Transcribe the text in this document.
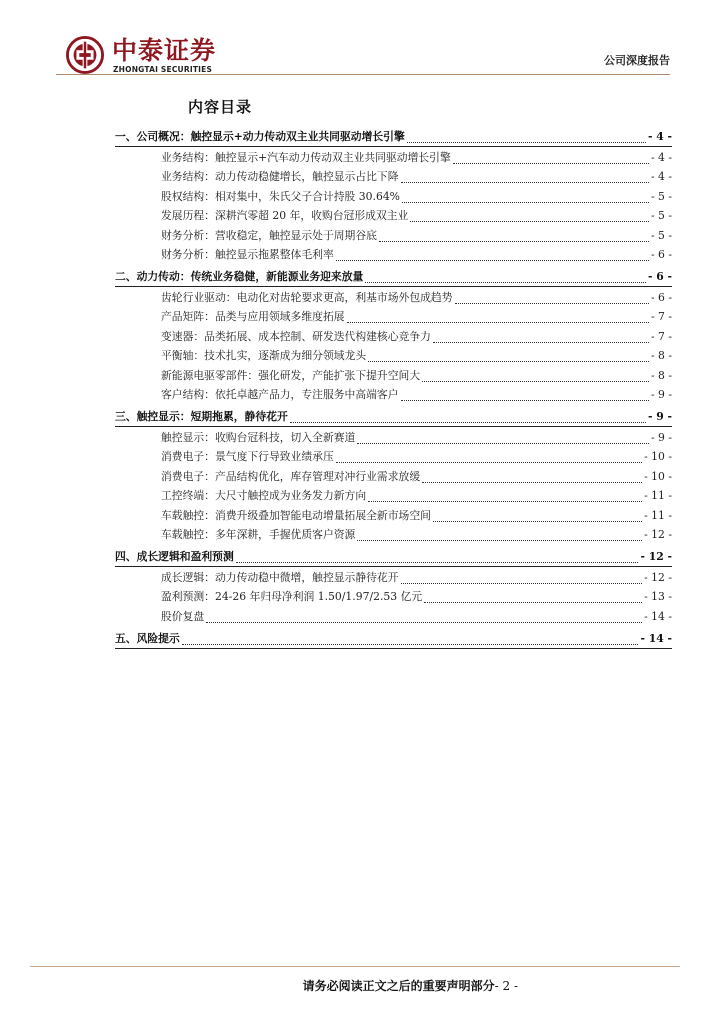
中泰证券
ZHONGTAI SECURITIES
公司深度报告
内容目录
一、公司概况：触控显示+动力传动双主业共同驱动增长引擎	- 4 -
业务结构：触控显示+汽车动力传动双主业共同驱动增长引擎	- 4 -
业务结构：动力传动稳健增长，触控显示占比下降	- 4 -
股权结构：相对集中，朱氏父子合计持股 30.64%	- 5 -
发展历程：深耕汽零超 20 年，收购台冠形成双主业	- 5 -
财务分析：营收稳定，触控显示处于周期谷底	- 5 -
财务分析：触控显示拖累整体毛利率	- 6 -
二、动力传动：传统业务稳健，新能源业务迎来放量	- 6 -
齿轮行业驱动：电动化对齿轮要求更高，利基市场外包成趋势	- 6 -
产品矩阵：品类与应用领域多维度拓展	- 7 -
变速器：品类拓展、成本控制、研发迭代构建核心竞争力	- 7 -
平衡轴：技术扎实，逐渐成为细分领域龙头	- 8 -
新能源电驱零部件：强化研发，产能扩张下提升空间大	- 8 -
客户结构：依托卓越产品力，专注服务中高端客户	- 9 -
三、触控显示：短期拖累，静待花开	- 9 -
触控显示：收购台冠科技，切入全新赛道	- 9 -
消费电子：景气度下行导致业绩承压	- 10 -
消费电子：产品结构优化，库存管理对冲行业需求放缓	- 10 -
工控终端：大尺寸触控成为业务发力新方向	- 11 -
车载触控：消费升级叠加智能电动增量拓展全新市场空间	- 11 -
车载触控：多年深耕，手握优质客户资源	- 12 -
四、成长逻辑和盈利预测	- 12 -
成长逻辑：动力传动稳中微增，触控显示静待花开	- 12 -
盈利预测：24-26 年归母净利润 1.50/1.97/2.53 亿元	- 13 -
股价复盘	- 14 -
五、风险提示	- 14 -
请务必阅读正文之后的重要声明部分- 2 -
